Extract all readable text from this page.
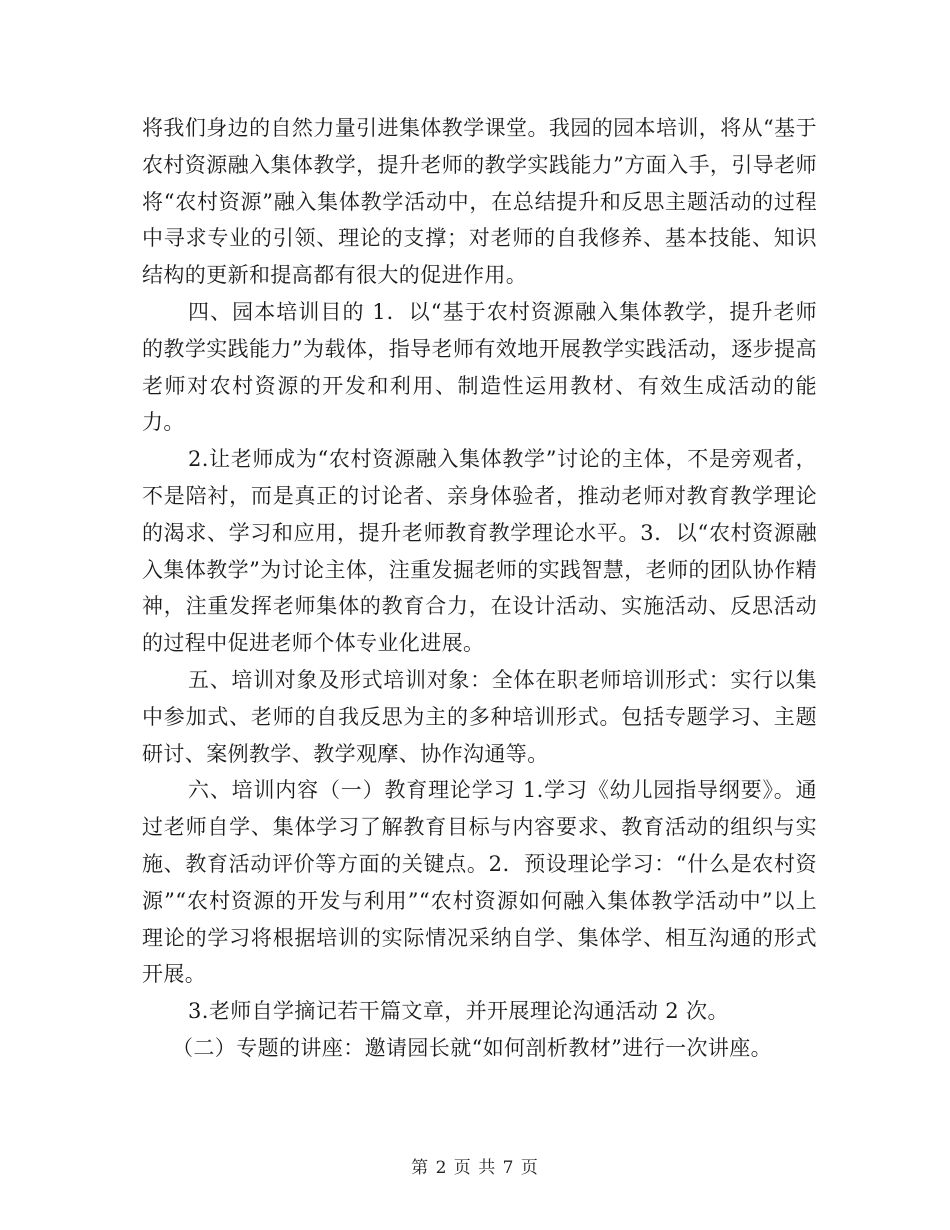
将我们身边的自然力量引进集体教学课堂。我园的园本培训，将从“基于农村资源融入集体教学，提升老师的教学实践能力”方面入手，引导老师将“农村资源”融入集体教学活动中，在总结提升和反思主题活动的过程中寻求专业的引领、理论的支撑；对老师的自我修养、基本技能、知识结构的更新和提高都有很大的促进作用。

四、园本培训目的 1．以“基于农村资源融入集体教学，提升老师的教学实践能力”为载体，指导老师有效地开展教学实践活动，逐步提高老师对农村资源的开发和利用、制造性运用教材、有效生成活动的能力。

2.让老师成为“农村资源融入集体教学”讨论的主体，不是旁观者，不是陪衬，而是真正的讨论者、亲身体验者，推动老师对教育教学理论的渴求、学习和应用，提升老师教育教学理论水平。3．以“农村资源融入集体教学”为讨论主体，注重发掘老师的实践智慧，老师的团队协作精神，注重发挥老师集体的教育合力，在设计活动、实施活动、反思活动的过程中促进老师个体专业化进展。

五、培训对象及形式培训对象：全体在职老师培训形式：实行以集中参加式、老师的自我反思为主的多种培训形式。包括专题学习、主题研讨、案例教学、教学观摩、协作沟通等。

六、培训内容（一）教育理论学习 1.学习《幼儿园指导纲要》。通过老师自学、集体学习了解教育目标与内容要求、教育活动的组织与实施、教育活动评价等方面的关键点。2．预设理论学习：“什么是农村资源”“农村资源的开发与利用”“农村资源如何融入集体教学活动中”以上理论的学习将根据培训的实际情况采纳自学、集体学、相互沟通的形式开展。

3.老师自学摘记若干篇文章，并开展理论沟通活动 2 次。

（二）专题的讲座：邀请园长就“如何剖析教材”进行一次讲座。

第 2 页 共 7 页
